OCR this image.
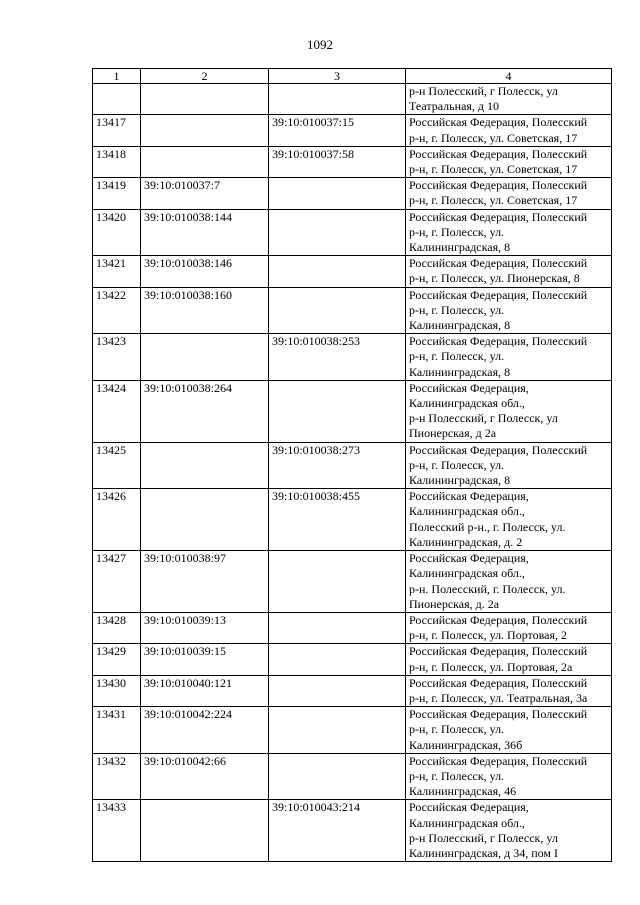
1092
1	2	3	4

			р-н Полесский, г Полесск, ул
Театральная, д 10

13417		39:10:010037:15	Российская Федерация, Полесский
р-н, г. Полесск, ул. Советская, 17

13418		39:10:010037:58	Российская Федерация, Полесский
р-н, г. Полесск, ул. Советская, 17

13419	39:10:010037:7		Российская Федерация, Полесский
р-н, г. Полесск, ул. Советская, 17

13420	39:10:010038:144		Российская Федерация, Полесский
р-н, г. Полесск, ул.
Калининградская, 8

13421	39:10:010038:146		Российская Федерация, Полесский
р-н, г. Полесск, ул. Пионерская, 8

13422	39:10:010038:160		Российская Федерация, Полесский
р-н, г. Полесск, ул.
Калининградская, 8

13423		39:10:010038:253	Российская Федерация, Полесский
р-н, г. Полесск, ул.
Калининградская, 8

13424	39:10:010038:264		Российская Федерация,
Калининградская обл.,
р-н Полесский, г Полесск, ул
Пионерская, д 2а

13425		39:10:010038:273	Российская Федерация, Полесский
р-н, г. Полесск, ул.
Калининградская, 8

13426		39:10:010038:455	Российская Федерация,
Калининградская обл.,
Полесский р-н., г. Полесск, ул.
Калининградская, д. 2

13427	39:10:010038:97		Российская Федерация,
Калининградская обл.,
р-н. Полесский, г. Полесск, ул.
Пионерская, д. 2а

13428	39:10:010039:13		Российская Федерация, Полесский
р-н, г. Полесск, ул. Портовая, 2

13429	39:10:010039:15		Российская Федерация, Полесский
р-н, г. Полесск, ул. Портовая, 2а

13430	39:10:010040:121		Российская Федерация, Полесский
р-н, г. Полесск, ул. Театральная, 3а

13431	39:10:010042:224		Российская Федерация, Полесский
р-н, г. Полесск, ул.
Калининградская, 36б

13432	39:10:010042:66		Российская Федерация, Полесский
р-н, г. Полесск, ул.
Калининградская, 46

13433		39:10:010043:214	Российская Федерация,
Калининградская обл.,
р-н Полесский, г Полесск, ул
Калининградская, д 34, пом I
